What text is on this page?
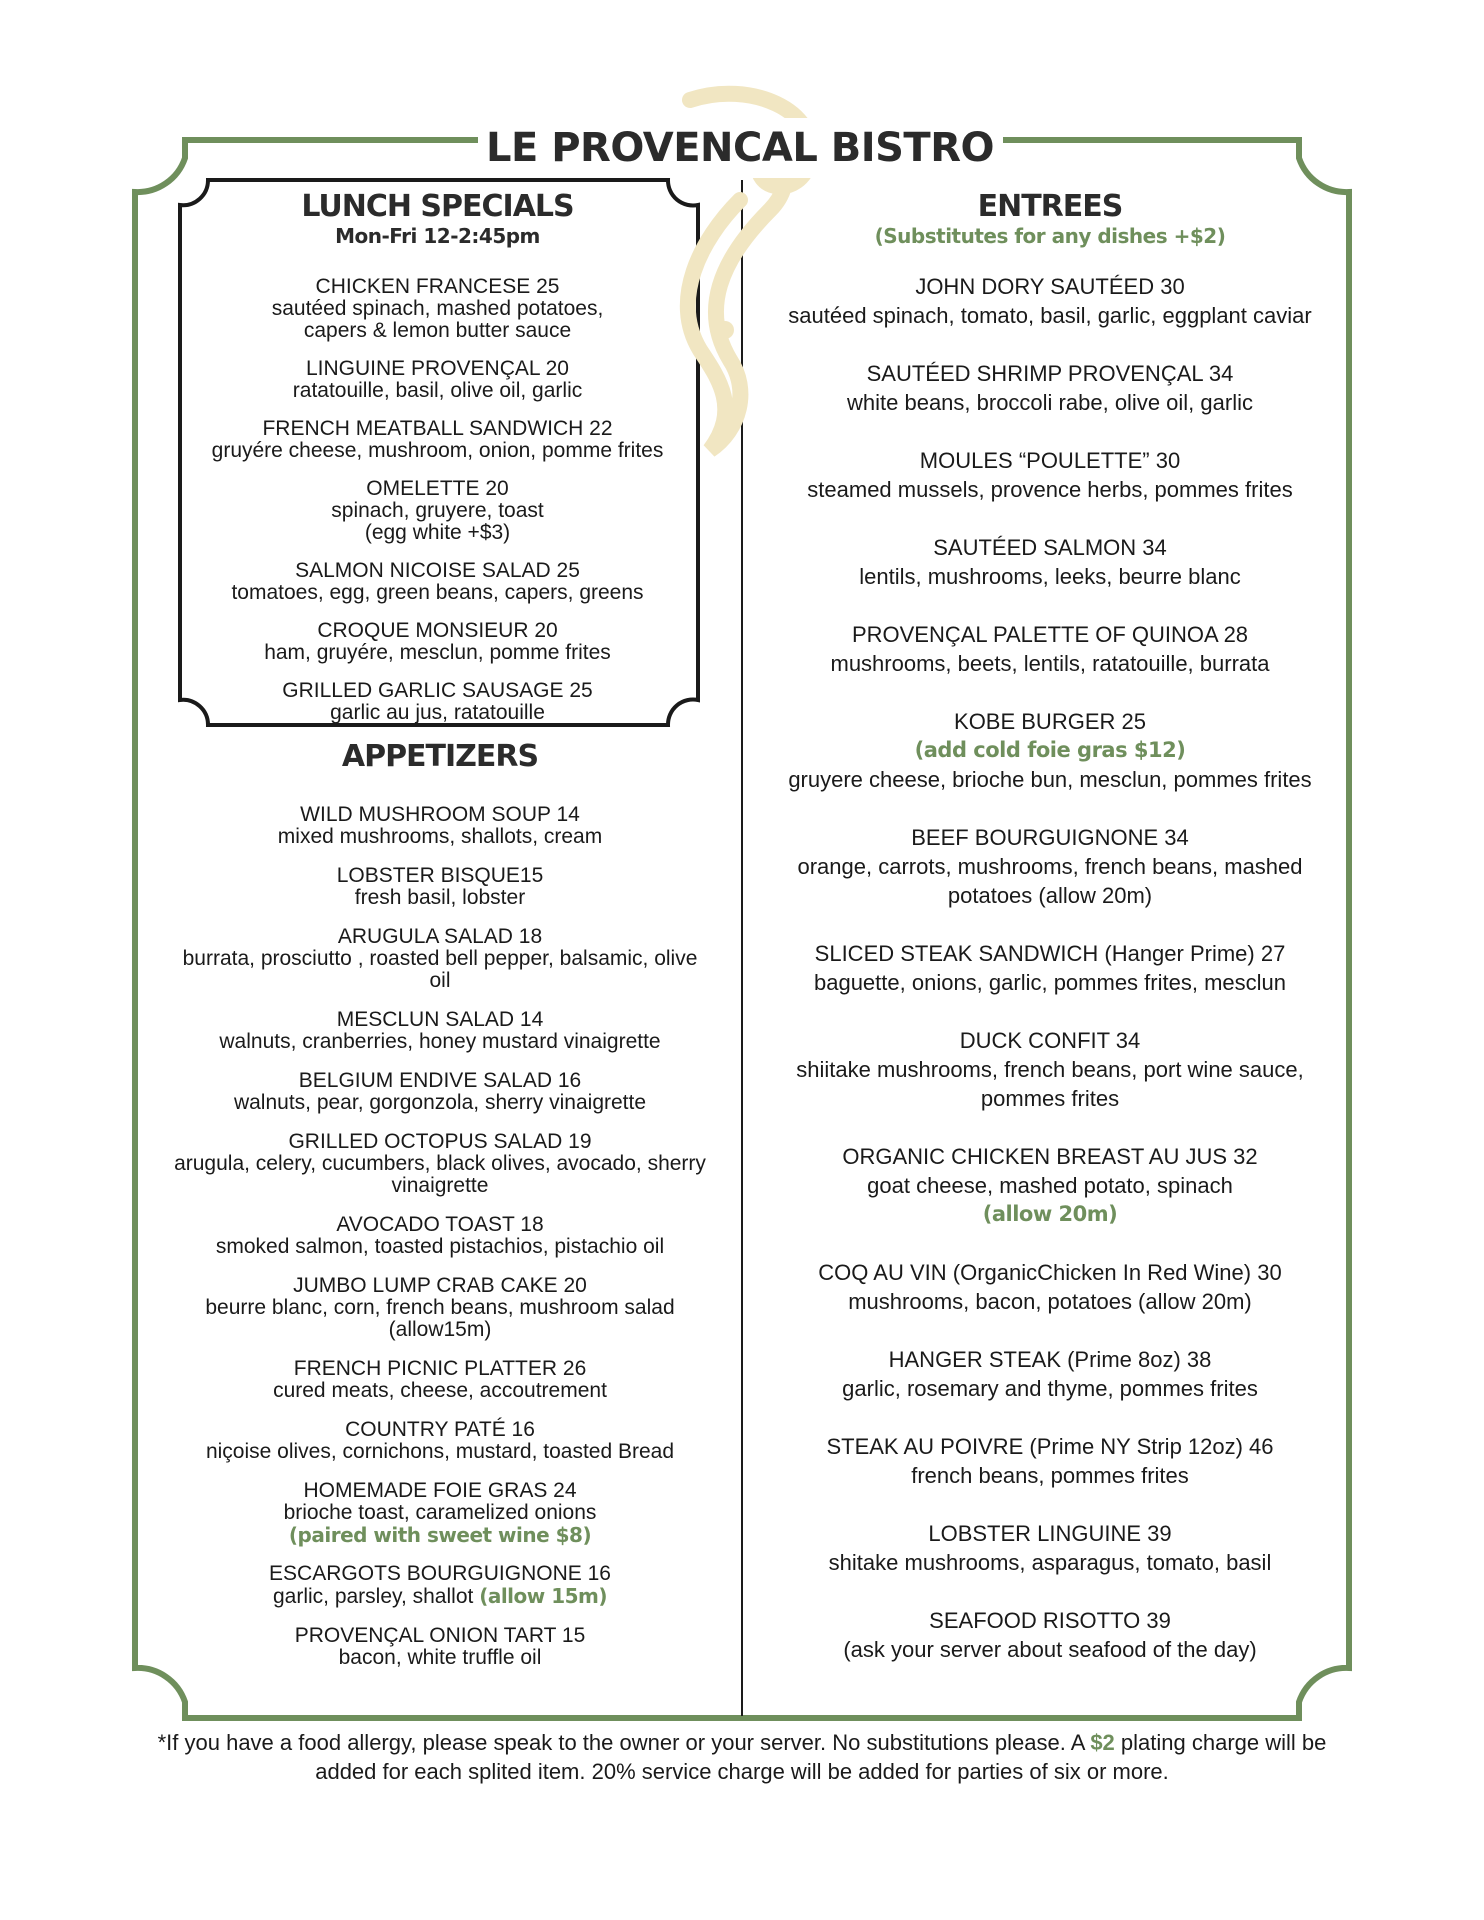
LE PROVENCAL BISTRO
LUNCH SPECIALS
Mon-Fri 12-2:45pm
CHICKEN FRANCESE 25
sautéed spinach, mashed potatoes,
capers & lemon butter sauce
LINGUINE PROVENÇAL 20
ratatouille, basil, olive oil, garlic
FRENCH MEATBALL SANDWICH 22
gruyére cheese, mushroom, onion, pomme frites
OMELETTE 20
spinach, gruyere, toast
(egg white +$3)
SALMON NICOISE SALAD 25
tomatoes, egg, green beans, capers, greens
CROQUE MONSIEUR 20
ham, gruyére, mesclun, pomme frites
GRILLED GARLIC SAUSAGE 25
garlic au jus, ratatouille
APPETIZERS
WILD MUSHROOM SOUP 14
mixed mushrooms, shallots, cream
LOBSTER BISQUE15
fresh basil, lobster
ARUGULA SALAD 18
burrata, prosciutto , roasted bell pepper, balsamic, olive
oil
MESCLUN SALAD 14
walnuts, cranberries, honey mustard vinaigrette
BELGIUM ENDIVE SALAD 16
walnuts, pear, gorgonzola, sherry vinaigrette
GRILLED OCTOPUS SALAD 19
arugula, celery, cucumbers, black olives, avocado, sherry
vinaigrette
AVOCADO TOAST 18
smoked salmon, toasted pistachios, pistachio oil
JUMBO LUMP CRAB CAKE 20
beurre blanc, corn, french beans, mushroom salad
(allow15m)
FRENCH PICNIC PLATTER 26
cured meats, cheese, accoutrement
COUNTRY PATÉ 16
niçoise olives, cornichons, mustard, toasted Bread
HOMEMADE FOIE GRAS 24
brioche toast, caramelized onions
(paired with sweet wine $8)
ESCARGOTS BOURGUIGNONE 16
garlic, parsley, shallot (allow 15m)
PROVENÇAL ONION TART 15
bacon, white truffle oil
ENTREES
(Substitutes for any dishes +$2)
JOHN DORY SAUTÉED 30
sautéed spinach, tomato, basil, garlic, eggplant caviar
SAUTÉED SHRIMP PROVENÇAL 34
white beans, broccoli rabe, olive oil, garlic
MOULES “POULETTE” 30
steamed mussels, provence herbs, pommes frites
SAUTÉED SALMON 34
lentils, mushrooms, leeks, beurre blanc
PROVENÇAL PALETTE OF QUINOA 28
mushrooms, beets, lentils, ratatouille, burrata
KOBE BURGER 25
(add cold foie gras $12)
gruyere cheese, brioche bun, mesclun, pommes frites
BEEF BOURGUIGNONE 34
orange, carrots, mushrooms, french beans, mashed
potatoes (allow 20m)
SLICED STEAK SANDWICH (Hanger Prime) 27
baguette, onions, garlic, pommes frites, mesclun
DUCK CONFIT 34
shiitake mushrooms, french beans, port wine sauce,
pommes frites
ORGANIC CHICKEN BREAST AU JUS 32
goat cheese, mashed potato, spinach
(allow 20m)
COQ AU VIN (OrganicChicken In Red Wine) 30
mushrooms, bacon, potatoes (allow 20m)
HANGER STEAK (Prime 8oz) 38
garlic, rosemary and thyme, pommes frites
STEAK AU POIVRE (Prime NY Strip 12oz) 46
french beans, pommes frites
LOBSTER LINGUINE 39
shitake mushrooms, asparagus, tomato, basil
SEAFOOD RISOTTO 39
(ask your server about seafood of the day)
*If you have a food allergy, please speak to the owner or your server. No substitutions please. A $2 plating charge will be
added for each splited item. 20% service charge will be added for parties of six or more.
